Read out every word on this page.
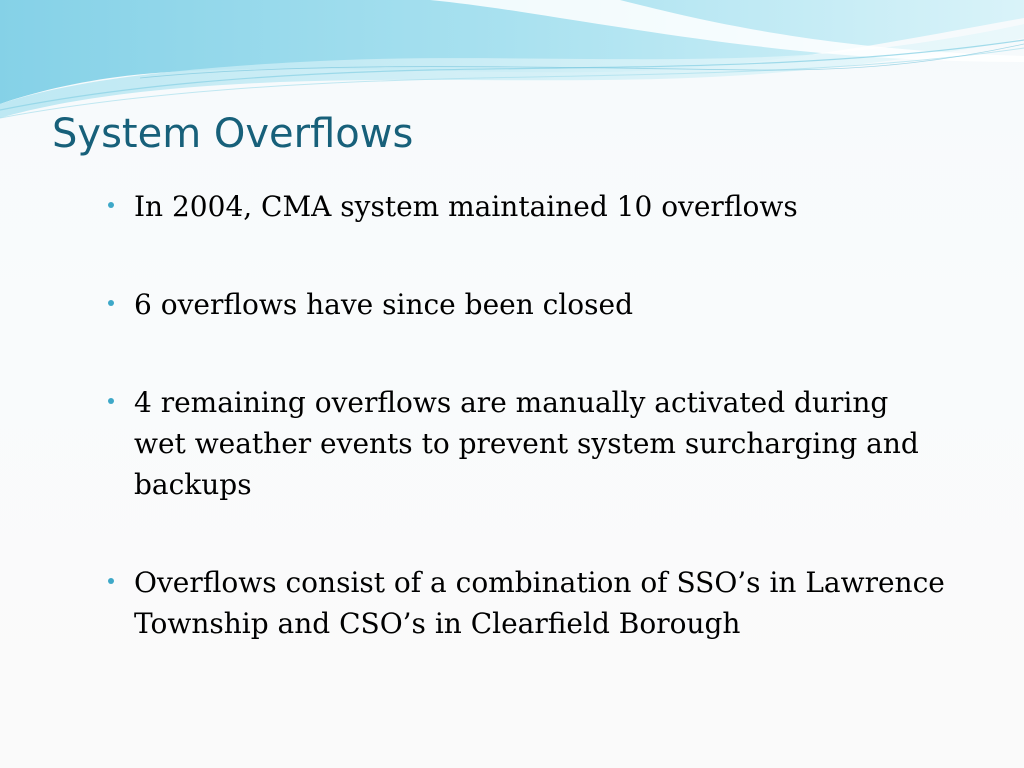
System Overflows
In 2004, CMA system maintained 10 overflows
6 overflows have since been closed
4 remaining overflows are manually activated during wet weather events to prevent system surcharging and backups
Overflows consist of a combination of SSO’s in Lawrence Township and CSO’s in Clearfield Borough
